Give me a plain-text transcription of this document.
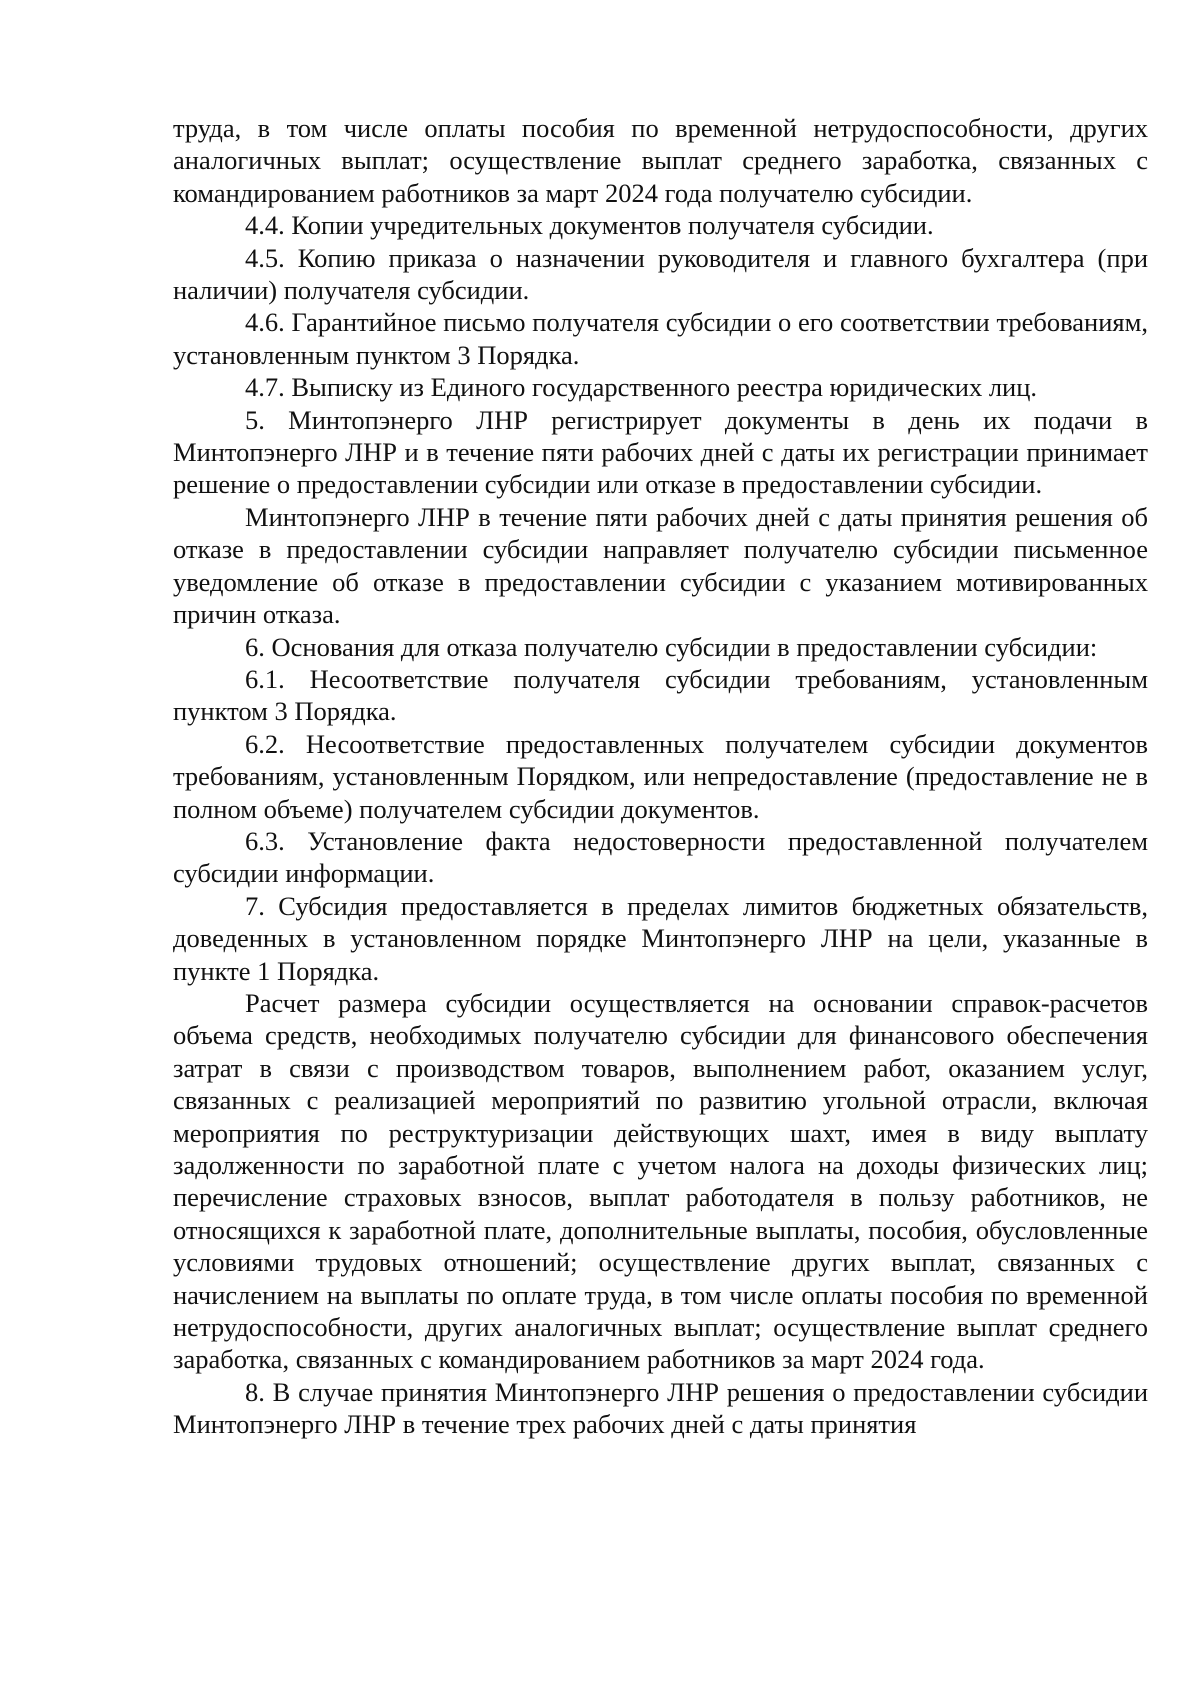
труда, в том числе оплаты пособия по временной нетрудоспособности, других аналогичных выплат; осуществление выплат среднего заработка, связанных с командированием работников за март 2024 года получателю субсидии.

4.4. Копии учредительных документов получателя субсидии.

4.5. Копию приказа о назначении руководителя и главного бухгалтера (при наличии) получателя субсидии.

4.6. Гарантийное письмо получателя субсидии о его соответствии требованиям, установленным пунктом 3 Порядка.

4.7. Выписку из Единого государственного реестра юридических лиц.

5. Минтопэнерго ЛНР регистрирует документы в день их подачи в Минтопэнерго ЛНР и в течение пяти рабочих дней с даты их регистрации принимает решение о предоставлении субсидии или отказе в предоставлении субсидии.

Минтопэнерго ЛНР в течение пяти рабочих дней с даты принятия решения об отказе в предоставлении субсидии направляет получателю субсидии письменное уведомление об отказе в предоставлении субсидии с указанием мотивированных причин отказа.

6. Основания для отказа получателю субсидии в предоставлении субсидии:

6.1. Несоответствие получателя субсидии требованиям, установленным пунктом 3 Порядка.

6.2. Несоответствие предоставленных получателем субсидии документов требованиям, установленным Порядком, или непредоставление (предоставление не в полном объеме) получателем субсидии документов.

6.3. Установление факта недостоверности предоставленной получателем субсидии информации.

7. Субсидия предоставляется в пределах лимитов бюджетных обязательств, доведенных в установленном порядке Минтопэнерго ЛНР на цели, указанные в пункте 1 Порядка.

Расчет размера субсидии осуществляется на основании справок-расчетов объема средств, необходимых получателю субсидии для финансового обеспечения затрат в связи с производством товаров, выполнением работ, оказанием услуг, связанных с реализацией мероприятий по развитию угольной отрасли, включая мероприятия по реструктуризации действующих шахт, имея в виду выплату задолженности по заработной плате с учетом налога на доходы физических лиц; перечисление страховых взносов, выплат работодателя в пользу работников, не относящихся к заработной плате, дополнительные выплаты, пособия, обусловленные условиями трудовых отношений; осуществление других выплат, связанных с начислением на выплаты по оплате труда, в том числе оплаты пособия по временной нетрудоспособности, других аналогичных выплат; осуществление выплат среднего заработка, связанных с командированием работников за март 2024 года.

8. В случае принятия Минтопэнерго ЛНР решения о предоставлении субсидии Минтопэнерго ЛНР в течение трех рабочих дней с даты принятия
